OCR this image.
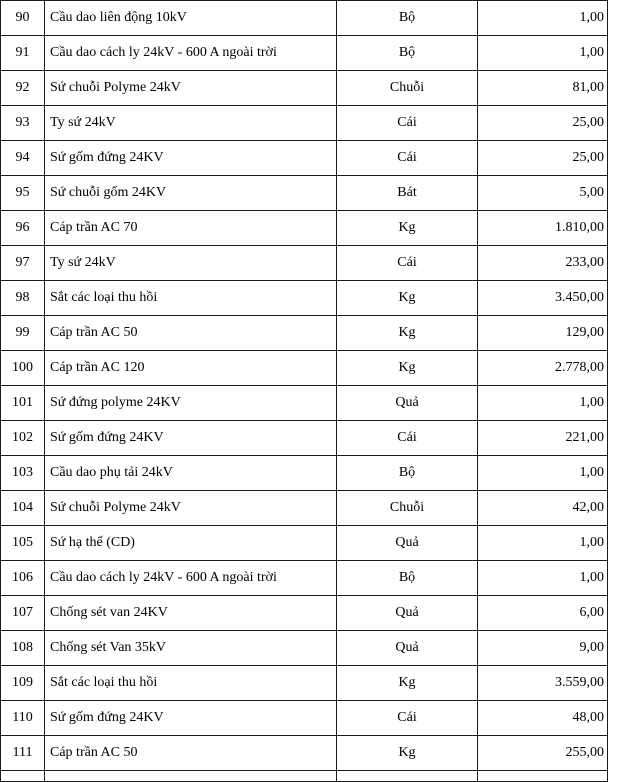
90	Cầu dao liên động 10kV	Bộ	1,00
91	Cầu dao cách ly 24kV - 600 A ngoài trời	Bộ	1,00
92	Sứ chuỗi Polyme 24kV	Chuỗi	81,00
93	Ty sứ 24kV	Cái	25,00
94	Sứ gốm đứng 24KV	Cái	25,00
95	Sứ chuỗi gốm 24KV	Bát	5,00
96	Cáp trần AC 70	Kg	1.810,00
97	Ty sứ 24kV	Cái	233,00
98	Sắt các loại thu hồi	Kg	3.450,00
99	Cáp trần AC 50	Kg	129,00
100	Cáp trần AC 120	Kg	2.778,00
101	Sứ đứng polyme 24KV	Quả	1,00
102	Sứ gốm đứng 24KV	Cái	221,00
103	Cầu dao phụ tải 24kV	Bộ	1,00
104	Sứ chuỗi Polyme 24kV	Chuỗi	42,00
105	Sứ hạ thế (CD)	Quả	1,00
106	Cầu dao cách ly 24kV - 600 A ngoài trời	Bộ	1,00
107	Chống sét van 24KV	Quả	6,00
108	Chống sét Van 35kV	Quả	9,00
109	Sắt các loại thu hồi	Kg	3.559,00
110	Sứ gốm đứng 24KV	Cái	48,00
111	Cáp trần AC 50	Kg	255,00
